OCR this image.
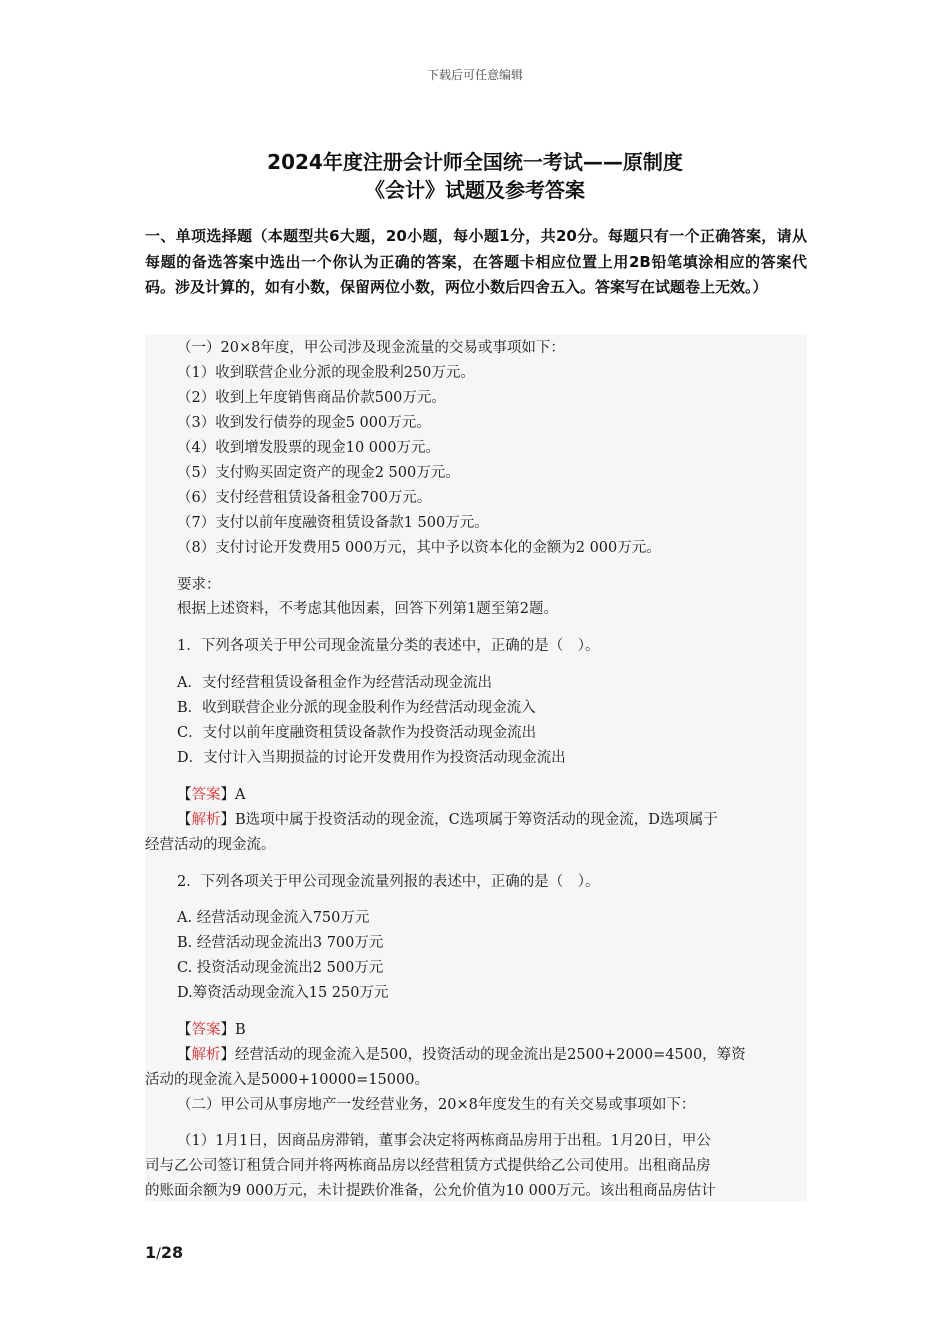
下载后可任意编辑
2024年度注册会计师全国统一考试——原制度
《会计》试题及参考答案
一、单项选择题（本题型共6大题，20小题，每小题1分，共20分。每题只有一个正确答案，请从每题的备选答案中选出一个你认为正确的答案，在答题卡相应位置上用2B铅笔填涂相应的答案代码。涉及计算的，如有小数，保留两位小数，两位小数后四舍五入。答案写在试题卷上无效。）
（一）20×8年度，甲公司涉及现金流量的交易或事项如下：
（1）收到联营企业分派的现金股利250万元。
（2）收到上年度销售商品价款500万元。
（3）收到发行债券的现金5 000万元。
（4）收到增发股票的现金10 000万元。
（5）支付购买固定资产的现金2 500万元。
（6）支付经营租赁设备租金700万元。
（7）支付以前年度融资租赁设备款1 500万元。
（8）支付讨论开发费用5 000万元，其中予以资本化的金额为2 000万元。
要求：
根据上述资料，不考虑其他因素，回答下列第1题至第2题。
1．下列各项关于甲公司现金流量分类的表述中，正确的是（　）。
A．支付经营租赁设备租金作为经营活动现金流出
B．收到联营企业分派的现金股利作为经营活动现金流入
C．支付以前年度融资租赁设备款作为投资活动现金流出
D．支付计入当期损益的讨论开发费用作为投资活动现金流出
【答案】A
【解析】B选项中属于投资活动的现金流，C选项属于筹资活动的现金流，D选项属于
经营活动的现金流。
2．下列各项关于甲公司现金流量列报的表述中，正确的是（　）。
A. 经营活动现金流入750万元
B. 经营活动现金流出3 700万元
C. 投资活动现金流出2 500万元
D.筹资活动现金流入15 250万元
【答案】B
【解析】经营活动的现金流入是500，投资活动的现金流出是2500+2000=4500，筹资
活动的现金流入是5000+10000=15000。
（二）甲公司从事房地产一发经营业务，20×8年度发生的有关交易或事项如下：
（1）1月1日，因商品房滞销，董事会决定将两栋商品房用于出租。1月20日，甲公
司与乙公司签订租赁合同并将两栋商品房以经营租赁方式提供给乙公司使用。出租商品房
的账面余额为9 000万元，未计提跌价准备，公允价值为10 000万元。该出租商品房估计
1/28
